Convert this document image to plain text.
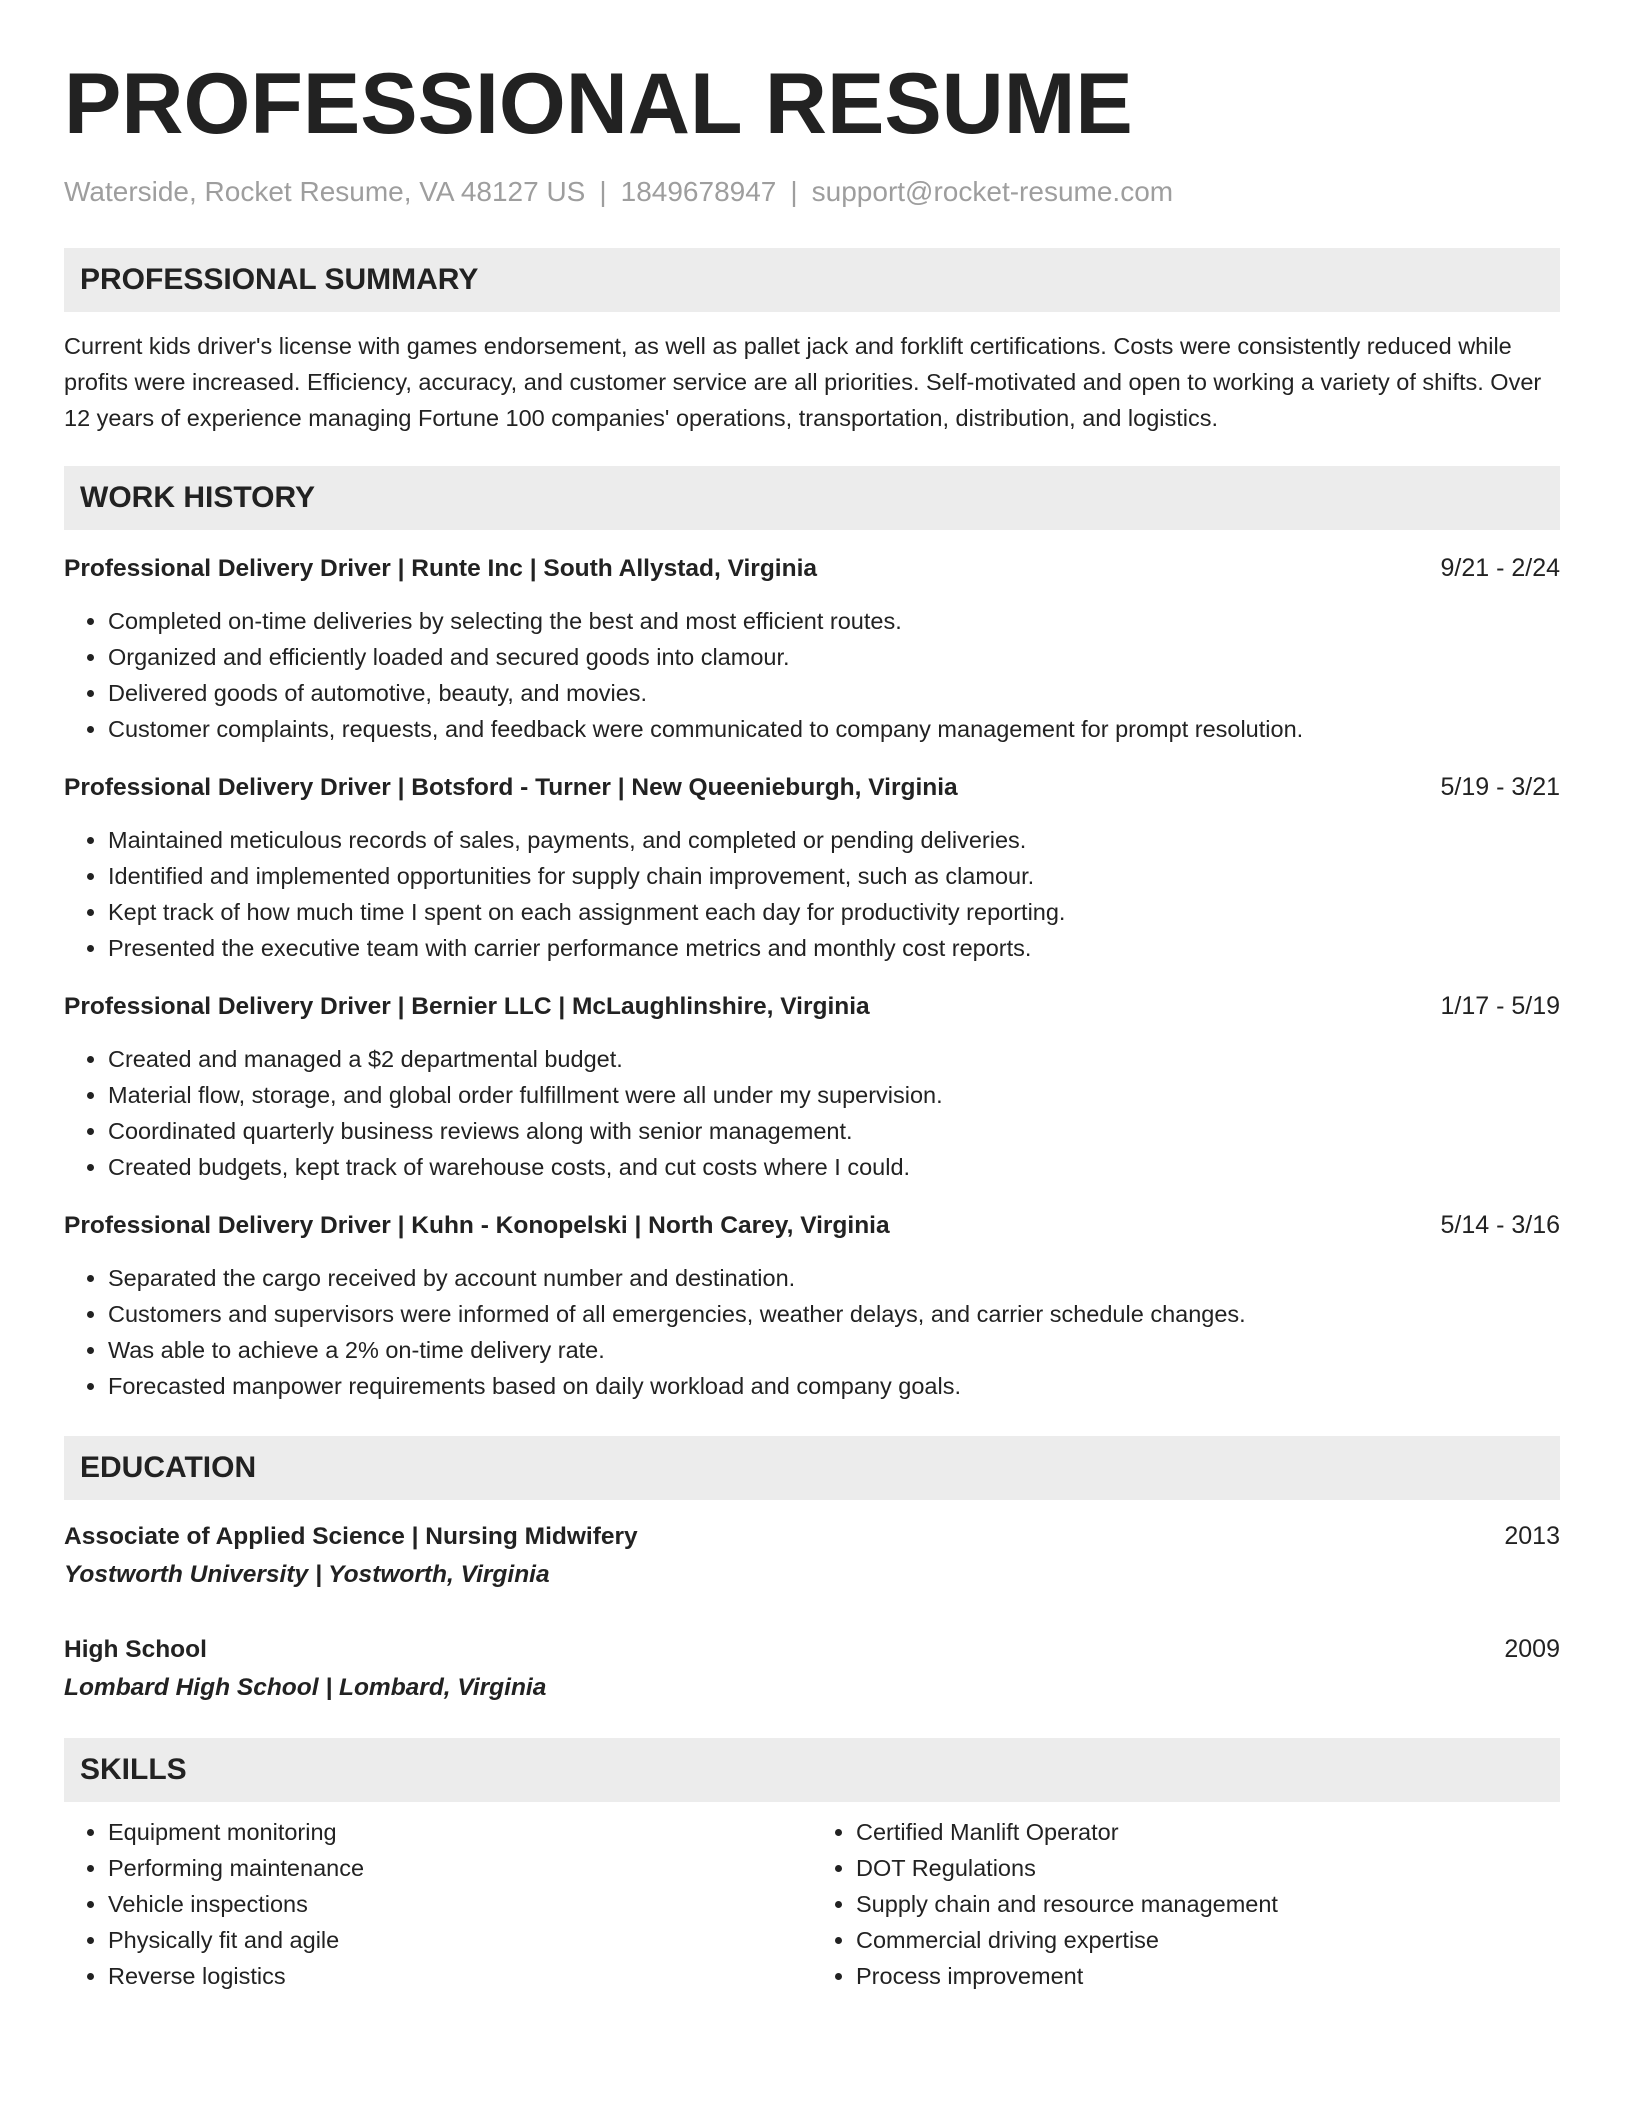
PROFESSIONAL RESUME
Waterside, Rocket Resume, VA 48127 US | 1849678947 | support@rocket-resume.com
PROFESSIONAL SUMMARY
Current kids driver's license with games endorsement, as well as pallet jack and forklift certifications. Costs were consistently reduced while profits were increased. Efficiency, accuracy, and customer service are all priorities. Self-motivated and open to working a variety of shifts. Over 12 years of experience managing Fortune 100 companies' operations, transportation, distribution, and logistics.
WORK HISTORY
Professional Delivery Driver | Runte Inc | South Allystad, Virginia	9/21 - 2/24
• Completed on-time deliveries by selecting the best and most efficient routes.
• Organized and efficiently loaded and secured goods into clamour.
• Delivered goods of automotive, beauty, and movies.
• Customer complaints, requests, and feedback were communicated to company management for prompt resolution.
Professional Delivery Driver | Botsford - Turner | New Queenieburgh, Virginia	5/19 - 3/21
• Maintained meticulous records of sales, payments, and completed or pending deliveries.
• Identified and implemented opportunities for supply chain improvement, such as clamour.
• Kept track of how much time I spent on each assignment each day for productivity reporting.
• Presented the executive team with carrier performance metrics and monthly cost reports.
Professional Delivery Driver | Bernier LLC | McLaughlinshire, Virginia	1/17 - 5/19
• Created and managed a $2 departmental budget.
• Material flow, storage, and global order fulfillment were all under my supervision.
• Coordinated quarterly business reviews along with senior management.
• Created budgets, kept track of warehouse costs, and cut costs where I could.
Professional Delivery Driver | Kuhn - Konopelski | North Carey, Virginia	5/14 - 3/16
• Separated the cargo received by account number and destination.
• Customers and supervisors were informed of all emergencies, weather delays, and carrier schedule changes.
• Was able to achieve a 2% on-time delivery rate.
• Forecasted manpower requirements based on daily workload and company goals.
EDUCATION
Associate of Applied Science | Nursing Midwifery	2013
Yostworth University | Yostworth, Virginia
High School	2009
Lombard High School | Lombard, Virginia
SKILLS
• Equipment monitoring
• Performing maintenance
• Vehicle inspections
• Physically fit and agile
• Reverse logistics
• Certified Manlift Operator
• DOT Regulations
• Supply chain and resource management
• Commercial driving expertise
• Process improvement
